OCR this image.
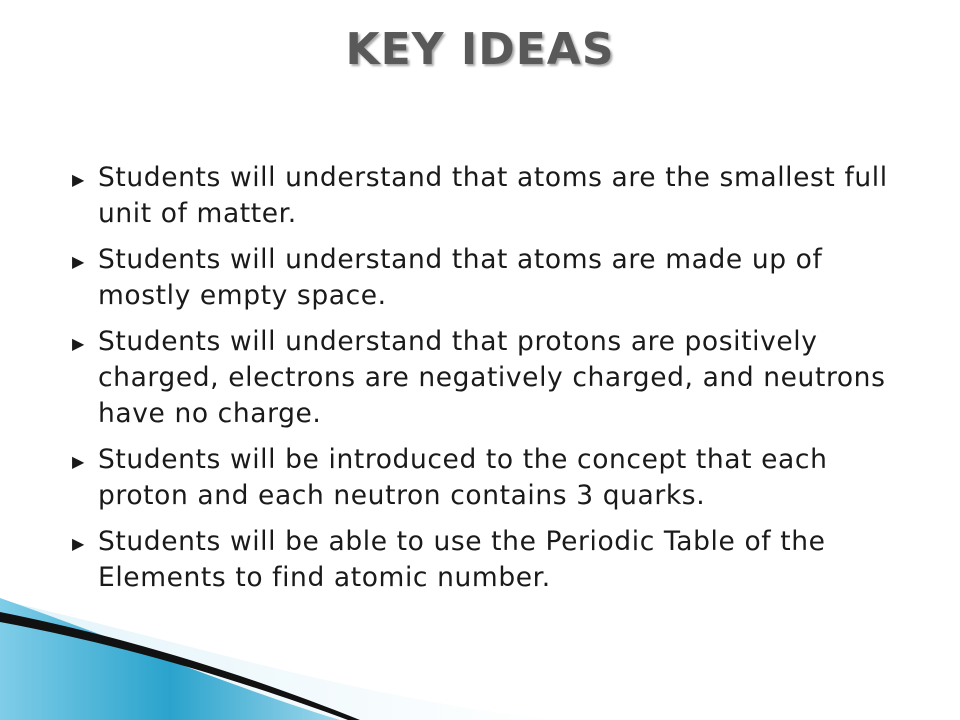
KEY IDEAS
▶ Students will understand that atoms are the smallest full unit of matter.
▶ Students will understand that atoms are made up of mostly empty space.
▶ Students will understand that protons are positively charged, electrons are negatively charged, and neutrons have no charge.
▶ Students will be introduced to the concept that each proton and each neutron contains 3 quarks.
▶ Students will be able to use the Periodic Table of the Elements to find atomic number.
